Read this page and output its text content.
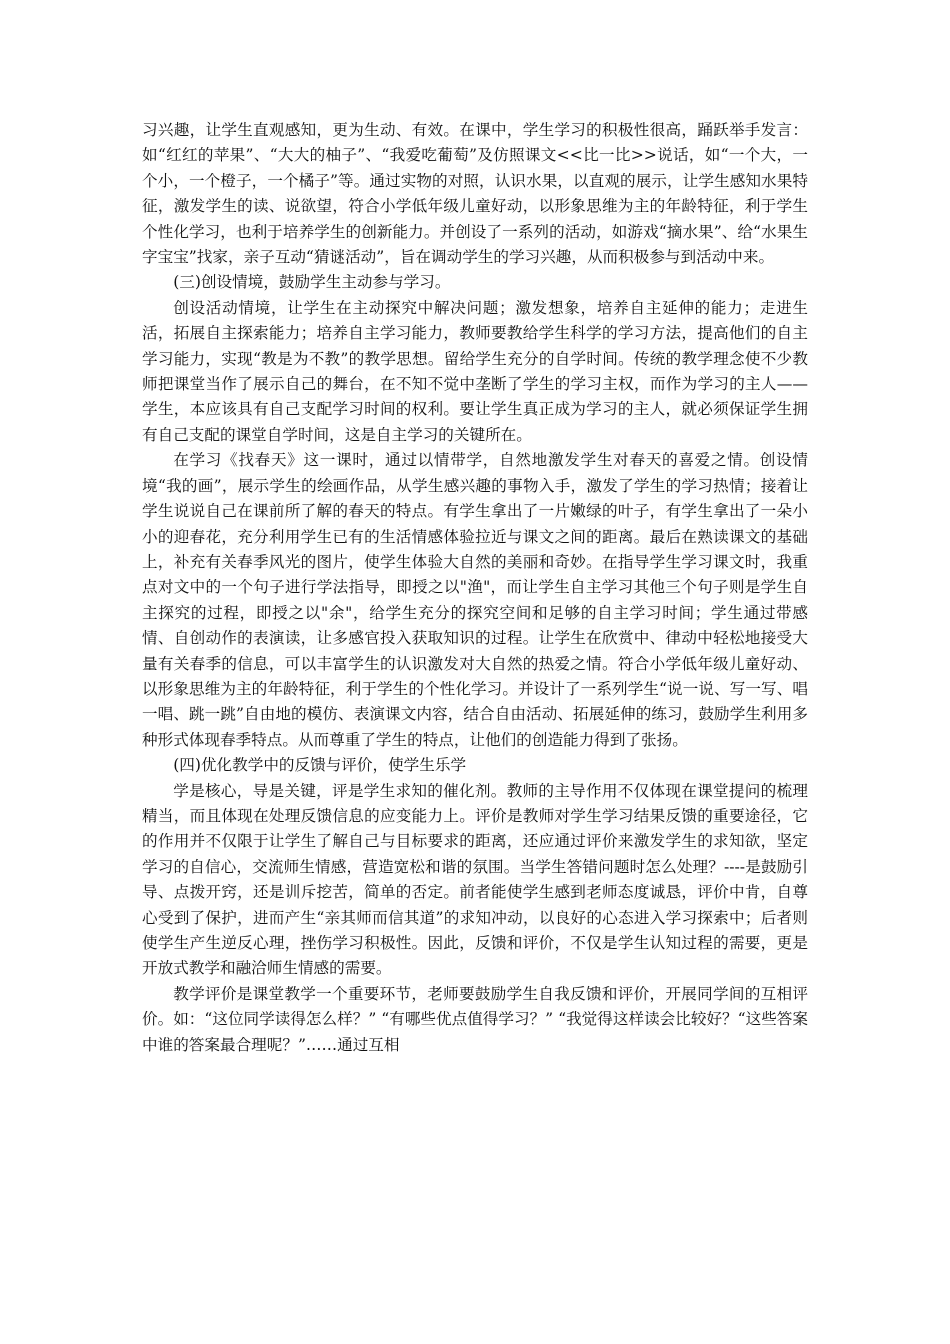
习兴趣，让学生直观感知，更为生动、有效。在课中，学生学习的积极性很高，踊跃举手发言：如“红红的苹果”、“大大的柚子”、“我爱吃葡萄”及仿照课文<<比一比>>说话，如“一个大，一个小，一个橙子，一个橘子”等。通过实物的对照，认识水果，以直观的展示，让学生感知水果特征，激发学生的读、说欲望，符合小学低年级儿童好动，以形象思维为主的年龄特征，利于学生个性化学习，也利于培养学生的创新能力。并创设了一系列的活动，如游戏“摘水果”、给“水果生字宝宝”找家，亲子互动“猜谜活动”，旨在调动学生的学习兴趣，从而积极参与到活动中来。

(三)创设情境，鼓励学生主动参与学习。

创设活动情境，让学生在主动探究中解决问题；激发想象，培养自主延伸的能力；走进生活，拓展自主探索能力；培养自主学习能力，教师要教给学生科学的学习方法，提高他们的自主学习能力，实现“教是为不教”的教学思想。留给学生充分的自学时间。传统的教学理念使不少教师把课堂当作了展示自己的舞台，在不知不觉中垄断了学生的学习主权，而作为学习的主人——学生，本应该具有自己支配学习时间的权利。要让学生真正成为学习的主人，就必须保证学生拥有自己支配的课堂自学时间，这是自主学习的关键所在。

在学习《找春天》这一课时，通过以情带学，自然地激发学生对春天的喜爱之情。创设情境“我的画”，展示学生的绘画作品，从学生感兴趣的事物入手，激发了学生的学习热情；接着让学生说说自己在课前所了解的春天的特点。有学生拿出了一片嫩绿的叶子，有学生拿出了一朵小小的迎春花，充分利用学生已有的生活情感体验拉近与课文之间的距离。最后在熟读课文的基础上，补充有关春季风光的图片，使学生体验大自然的美丽和奇妙。在指导学生学习课文时，我重点对文中的一个句子进行学法指导，即授之以"渔"，而让学生自主学习其他三个句子则是学生自主探究的过程，即授之以"余"，给学生充分的探究空间和足够的自主学习时间；学生通过带感情、自创动作的表演读，让多感官投入获取知识的过程。让学生在欣赏中、律动中轻松地接受大量有关春季的信息，可以丰富学生的认识激发对大自然的热爱之情。符合小学低年级儿童好动、以形象思维为主的年龄特征，利于学生的个性化学习。并设计了一系列学生“说一说、写一写、唱一唱、跳一跳”自由地的模仿、表演课文内容，结合自由活动、拓展延伸的练习，鼓励学生利用多种形式体现春季特点。从而尊重了学生的特点，让他们的创造能力得到了张扬。

(四)优化教学中的反馈与评价，使学生乐学

学是核心，导是关键，评是学生求知的催化剂。教师的主导作用不仅体现在课堂提问的梳理精当，而且体现在处理反馈信息的应变能力上。评价是教师对学生学习结果反馈的重要途径，它的作用并不仅限于让学生了解自己与目标要求的距离，还应通过评价来激发学生的求知欲，坚定学习的自信心，交流师生情感，营造宽松和谐的氛围。当学生答错问题时怎么处理？----是鼓励引导、点拨开窍，还是训斥挖苦，简单的否定。前者能使学生感到老师态度诚恳，评价中肯，自尊心受到了保护，进而产生“亲其师而信其道”的求知冲动，以良好的心态进入学习探索中；后者则使学生产生逆反心理，挫伤学习积极性。因此，反馈和评价，不仅是学生认知过程的需要，更是开放式教学和融洽师生情感的需要。

教学评价是课堂教学一个重要环节，老师要鼓励学生自我反馈和评价，开展同学间的互相评价。如：“这位同学读得怎么样？” “有哪些优点值得学习？” “我觉得这样读会比较好？“这些答案中谁的答案最合理呢？”……通过互相
